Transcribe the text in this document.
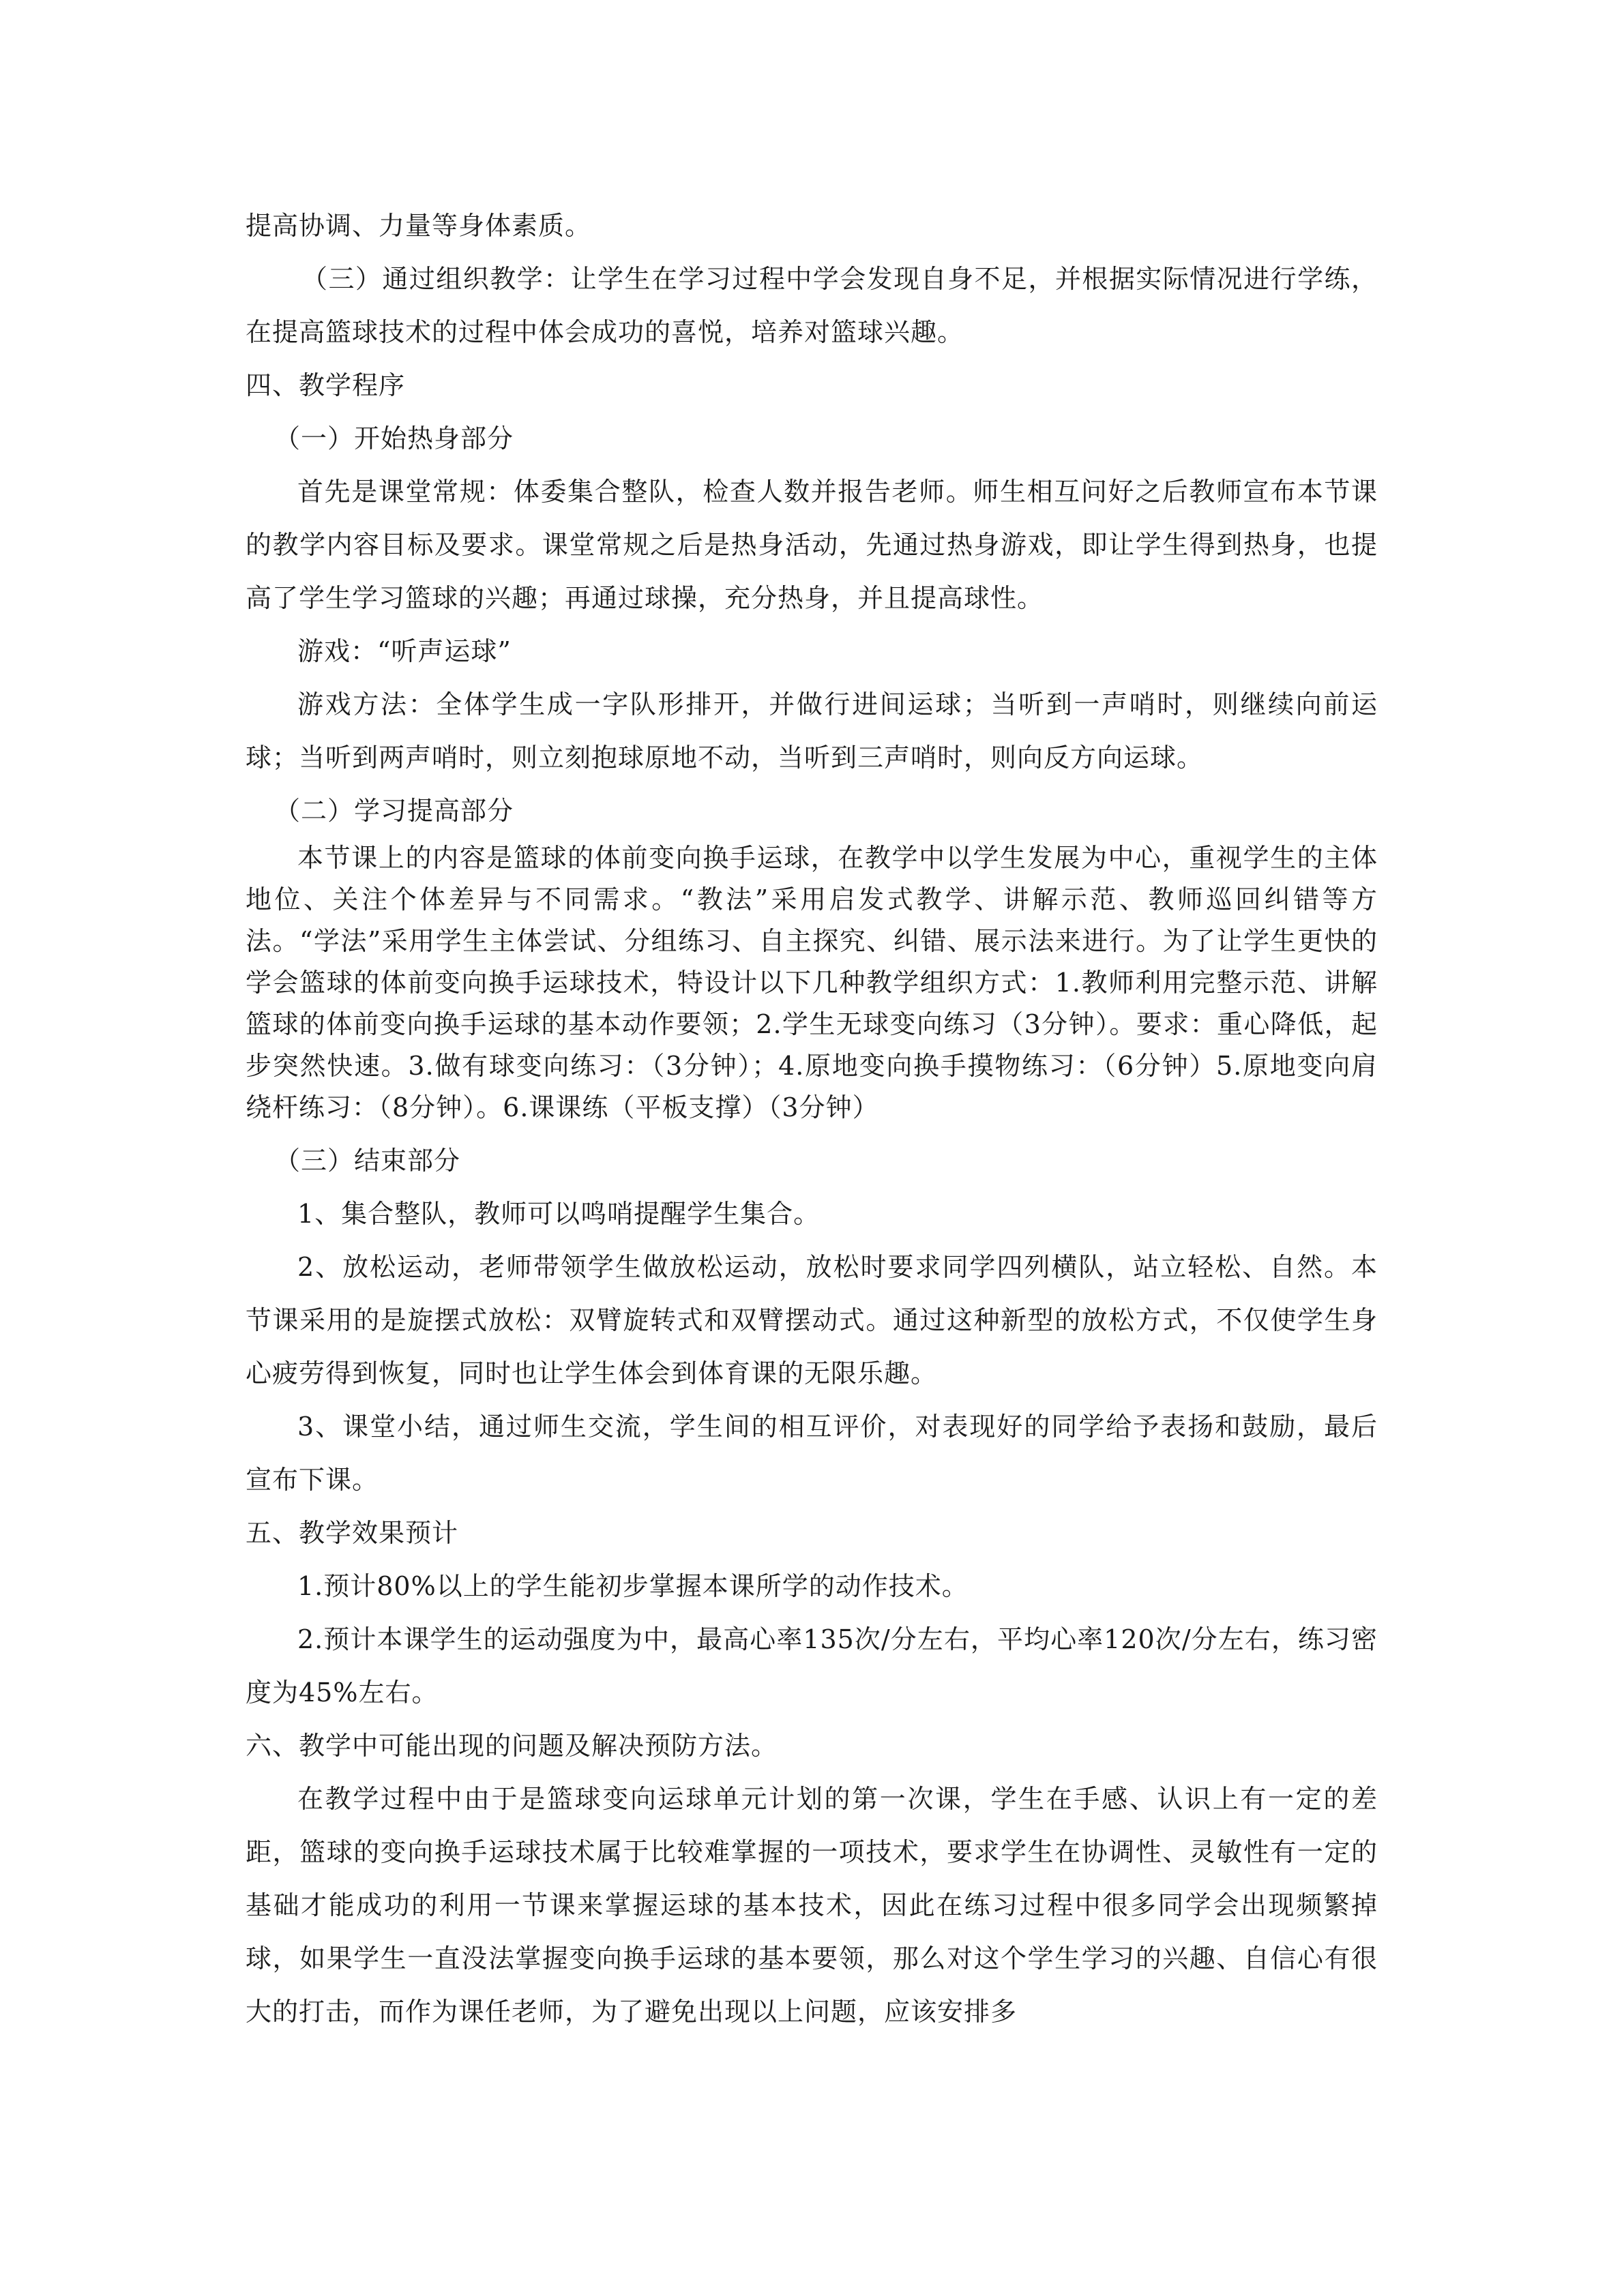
提高协调、力量等身体素质。

（三）通过组织教学：让学生在学习过程中学会发现自身不足，并根据实际情况进行学练，在提高篮球技术的过程中体会成功的喜悦，培养对篮球兴趣。

四、教学程序

（一）开始热身部分

首先是课堂常规：体委集合整队，检查人数并报告老师。师生相互问好之后教师宣布本节课的教学内容目标及要求。课堂常规之后是热身活动，先通过热身游戏，即让学生得到热身，也提高了学生学习篮球的兴趣；再通过球操，充分热身，并且提高球性。

游戏：“听声运球”

游戏方法：全体学生成一字队形排开，并做行进间运球；当听到一声哨时，则继续向前运球；当听到两声哨时，则立刻抱球原地不动，当听到三声哨时，则向反方向运球。

（二）学习提高部分

本节课上的内容是篮球的体前变向换手运球，在教学中以学生发展为中心，重视学生的主体地位、关注个体差异与不同需求。“教法”采用启发式教学、讲解示范、教师巡回纠错等方法。“学法”采用学生主体尝试、分组练习、自主探究、纠错、展示法来进行。为了让学生更快的学会篮球的体前变向换手运球技术，特设计以下几种教学组织方式：1.教师利用完整示范、讲解篮球的体前变向换手运球的基本动作要领；2.学生无球变向练习（3分钟）。要求：重心降低，起步突然快速。3.做有球变向练习：（3分钟）；4.原地变向换手摸物练习：（6分钟）5.原地变向肩绕杆练习：（8分钟）。6.课课练（平板支撑）（3分钟）

（三）结束部分

1、集合整队，教师可以鸣哨提醒学生集合。

2、放松运动，老师带领学生做放松运动，放松时要求同学四列横队，站立轻松、自然。本节课采用的是旋摆式放松：双臂旋转式和双臂摆动式。通过这种新型的放松方式，不仅使学生身心疲劳得到恢复，同时也让学生体会到体育课的无限乐趣。

3、课堂小结，通过师生交流，学生间的相互评价，对表现好的同学给予表扬和鼓励，最后宣布下课。

五、教学效果预计

1.预计80%以上的学生能初步掌握本课所学的动作技术。

2.预计本课学生的运动强度为中，最高心率135次/分左右，平均心率120次/分左右，练习密度为45%左右。

六、教学中可能出现的问题及解决预防方法。

在教学过程中由于是篮球变向运球单元计划的第一次课，学生在手感、认识上有一定的差距，篮球的变向换手运球技术属于比较难掌握的一项技术，要求学生在协调性、灵敏性有一定的基础才能成功的利用一节课来掌握运球的基本技术，因此在练习过程中很多同学会出现频繁掉球，如果学生一直没法掌握变向换手运球的基本要领，那么对这个学生学习的兴趣、自信心有很大的打击，而作为课任老师，为了避免出现以上问题，应该安排多
